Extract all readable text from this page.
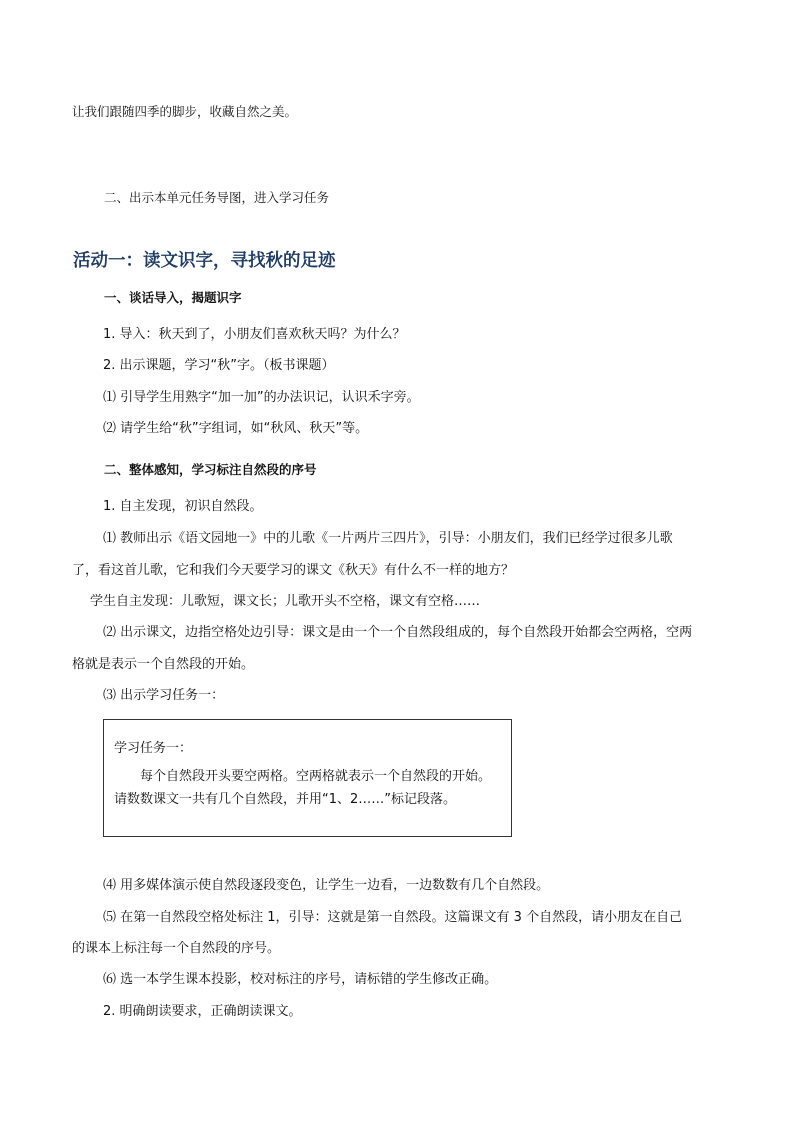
让我们跟随四季的脚步，收藏自然之美。
二、出示本单元任务导图，进入学习任务
活动一：读文识字，寻找秋的足迹
一、谈话导入，揭题识字
1. 导入：秋天到了，小朋友们喜欢秋天吗？为什么？
2. 出示课题，学习“秋”字。（板书课题）
⑴ 引导学生用熟字“加一加”的办法识记，认识禾字旁。
⑵ 请学生给“秋”字组词，如“秋风、秋天”等。
二、整体感知，学习标注自然段的序号
1. 自主发现，初识自然段。
⑴ 教师出示《语文园地一》中的儿歌《一片两片三四片》，引导：小朋友们，我们已经学过很多儿歌
了，看这首儿歌，它和我们今天要学习的课文《秋天》有什么不一样的地方？
学生自主发现：儿歌短，课文长；儿歌开头不空格，课文有空格……
⑵ 出示课文，边指空格处边引导：课文是由一个一个自然段组成的，每个自然段开始都会空两格，空两
格就是表示一个自然段的开始。
⑶ 出示学习任务一：
学习任务一：
每个自然段开头要空两格。空两格就表示一个自然段的开始。
请数数课文一共有几个自然段，并用“1、2……”标记段落。
⑷ 用多媒体演示使自然段逐段变色，让学生一边看，一边数数有几个自然段。
⑸ 在第一自然段空格处标注 1，引导：这就是第一自然段。这篇课文有 3 个自然段，请小朋友在自己
的课本上标注每一个自然段的序号。
⑹ 选一本学生课本投影，校对标注的序号，请标错的学生修改正确。
2. 明确朗读要求，正确朗读课文。
